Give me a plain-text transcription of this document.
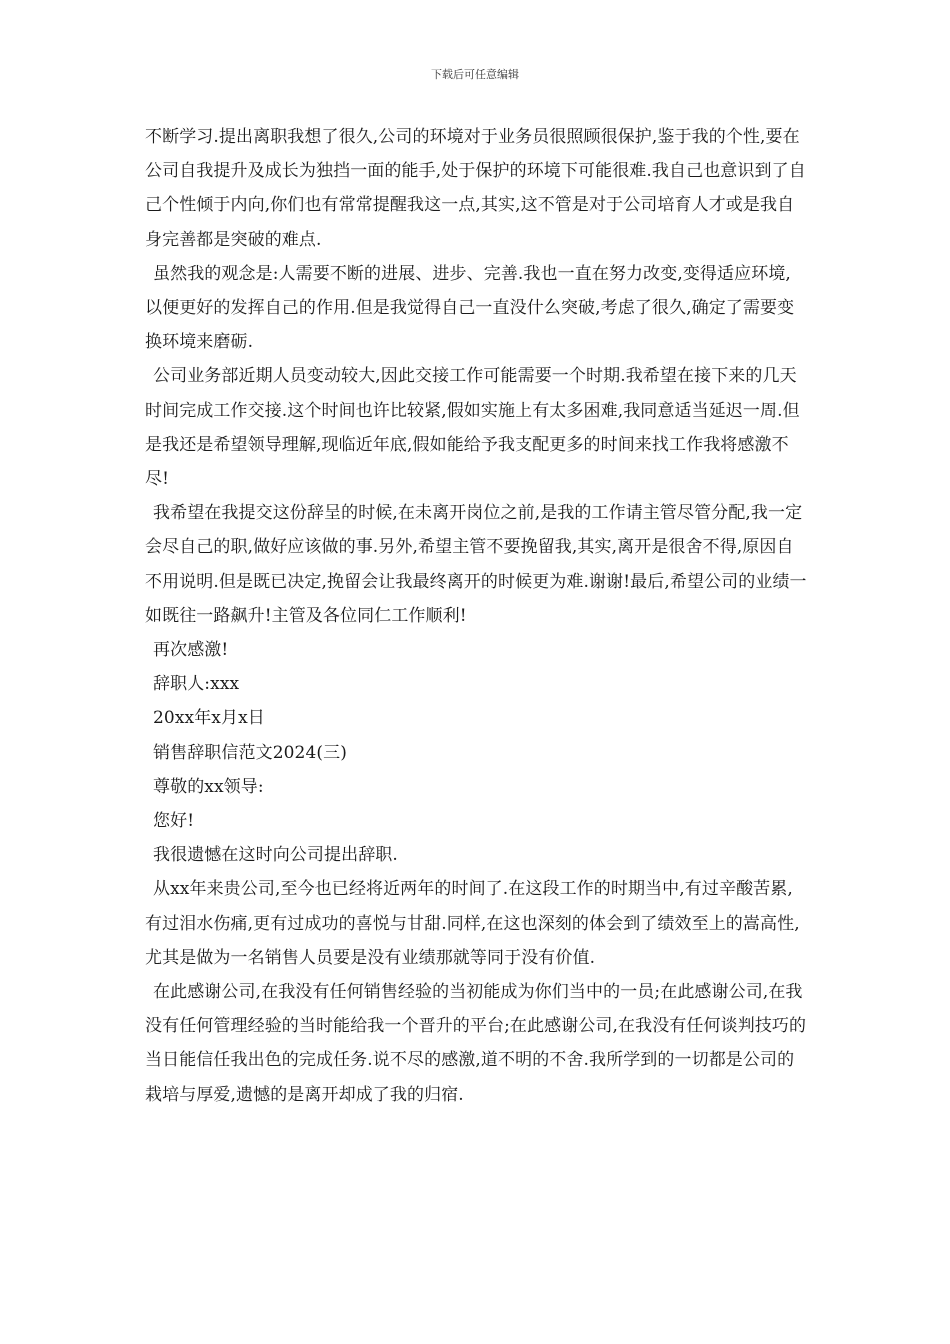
下载后可任意编辑

不断学习.提出离职我想了很久,公司的环境对于业务员很照顾很保护,鉴于我的个性,要在公司自我提升及成长为独挡一面的能手,处于保护的环境下可能很难.我自己也意识到了自己个性倾于内向,你们也有常常提醒我这一点,其实,这不管是对于公司培育人才或是我自身完善都是突破的难点.

虽然我的观念是:人需要不断的进展、进步、完善.我也一直在努力改变,变得适应环境,以便更好的发挥自己的作用.但是我觉得自己一直没什么突破,考虑了很久,确定了需要变换环境来磨砺.

公司业务部近期人员变动较大,因此交接工作可能需要一个时期.我希望在接下来的几天时间完成工作交接.这个时间也许比较紧,假如实施上有太多困难,我同意适当延迟一周.但是我还是希望领导理解,现临近年底,假如能给予我支配更多的时间来找工作我将感激不尽!

我希望在我提交这份辞呈的时候,在未离开岗位之前,是我的工作请主管尽管分配,我一定会尽自己的职,做好应该做的事.另外,希望主管不要挽留我,其实,离开是很舍不得,原因自不用说明.但是既已决定,挽留会让我最终离开的时候更为难.谢谢!最后,希望公司的业绩一如既往一路飙升!主管及各位同仁工作顺利!

再次感激!

辞职人:xxx

20xx年x月x日

销售辞职信范文2024(三)

尊敬的xx领导:

您好!

我很遗憾在这时向公司提出辞职.

从xx年来贵公司,至今也已经将近两年的时间了.在这段工作的时期当中,有过辛酸苦累,有过泪水伤痛,更有过成功的喜悦与甘甜.同样,在这也深刻的体会到了绩效至上的嵩高性,尤其是做为一名销售人员要是没有业绩那就等同于没有价值.

在此感谢公司,在我没有任何销售经验的当初能成为你们当中的一员;在此感谢公司,在我没有任何管理经验的当时能给我一个晋升的平台;在此感谢公司,在我没有任何谈判技巧的当日能信任我出色的完成任务.说不尽的感激,道不明的不舍.我所学到的一切都是公司的栽培与厚爱,遗憾的是离开却成了我的归宿.
